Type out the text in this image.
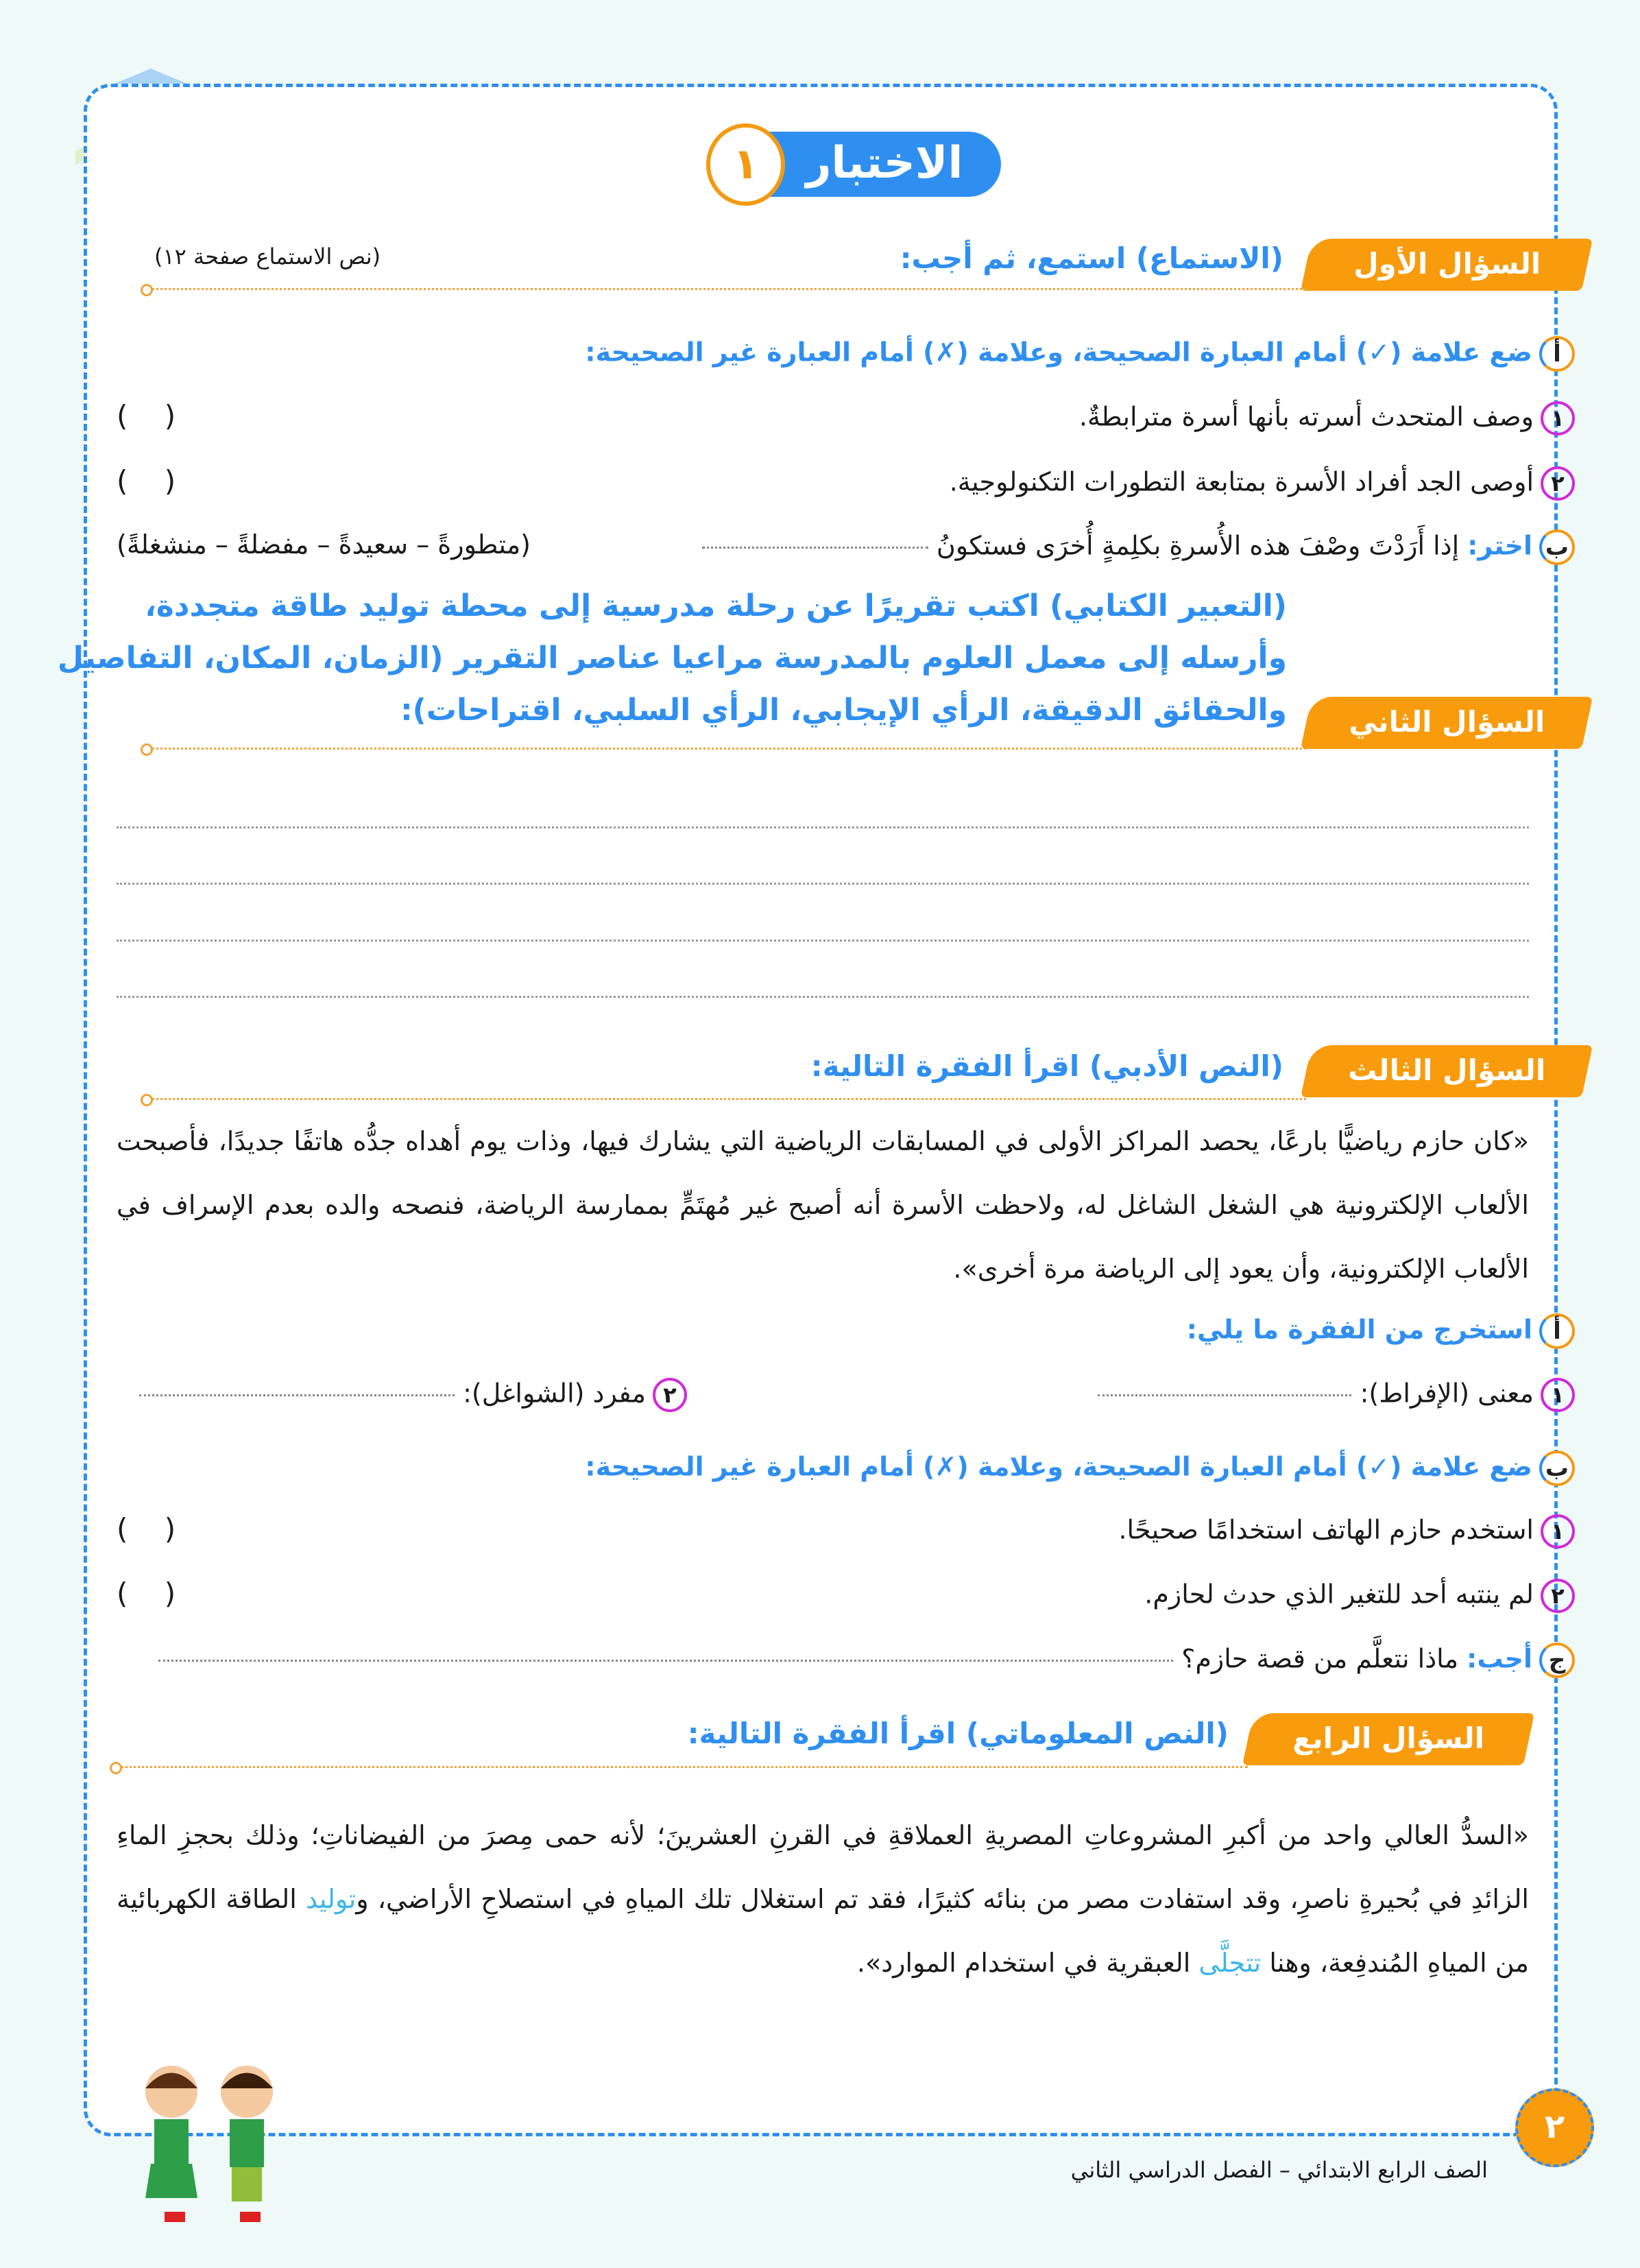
الاختبار
١
السؤال الأول
(الاستماع) استمع، ثم أجب:
(نص الاستماع صفحة ١٢)
أضع علامة (✓) أمام العبارة الصحيحة، وعلامة (✗) أمام العبارة غير الصحيحة:
١وصف المتحدث أسرته بأنها أسرة مترابطةٌ.
( )
٢أوصى الجد أفراد الأسرة بمتابعة التطورات التكنولوجية.
( )
باختر: إذا أَرَدْتَ وصْفَ هذه الأُسرةِ بكلِمةٍ أُخرَى فستكونُ
(متطورةً – سعيدةً – مفضلةً – منشغلةً)
(التعبير الكتابي) اكتب تقريرًا عن رحلة مدرسية إلى محطة توليد طاقة متجددة،
وأرسله إلى معمل العلوم بالمدرسة مراعيا عناصر التقرير (الزمان، المكان، التفاصيل
والحقائق الدقيقة، الرأي الإيجابي، الرأي السلبي، اقتراحات):	السؤال الثاني
السؤال الثالث
(النص الأدبي) اقرأ الفقرة التالية:
«كان حازم رياضيًّا بارعًا، يحصد المراكز الأولى في المسابقات الرياضية التي يشارك فيها، وذات يوم أهداه جدُّه هاتفًا جديدًا، فأصبحت الألعاب الإلكترونية هي الشغل الشاغل له، ولاحظت الأسرة أنه أصبح غير مُهتَمٍّ بممارسة الرياضة، فنصحه والده بعدم الإسراف في الألعاب الإلكترونية، وأن يعود إلى الرياضة مرة أخرى».
أاستخرج من الفقرة ما يلي:
١معنى (الإفراط):
٢مفرد (الشواغل):
بضع علامة (✓) أمام العبارة الصحيحة، وعلامة (✗) أمام العبارة غير الصحيحة:
١استخدم حازم الهاتف استخدامًا صحيحًا.
( )
٢لم ينتبه أحد للتغير الذي حدث لحازم.
( )
جأجب: ماذا نتعلَّم من قصة حازم؟
السؤال الرابع
(النص المعلوماتي) اقرأ الفقرة التالية:
«السدُّ العالي واحد من أكبرِ المشروعاتِ المصريةِ العملاقةِ في القرنِ العشرينَ؛ لأنه حمى مِصرَ من الفيضاناتِ؛ وذلك بحجزِ الماءِ الزائدِ في بُحيرةِ ناصرِ، وقد استفادت مصر من بنائه كثيرًا، فقد تم استغلال تلك المياهِ في استصلاحِ الأراضي، وتوليد الطاقة الكهربائية من المياهِ المُندفِعة، وهنا تتجلَّى العبقرية في استخدام الموارد».
الصف الرابع الابتدائي – الفصل الدراسي الثاني
٢
